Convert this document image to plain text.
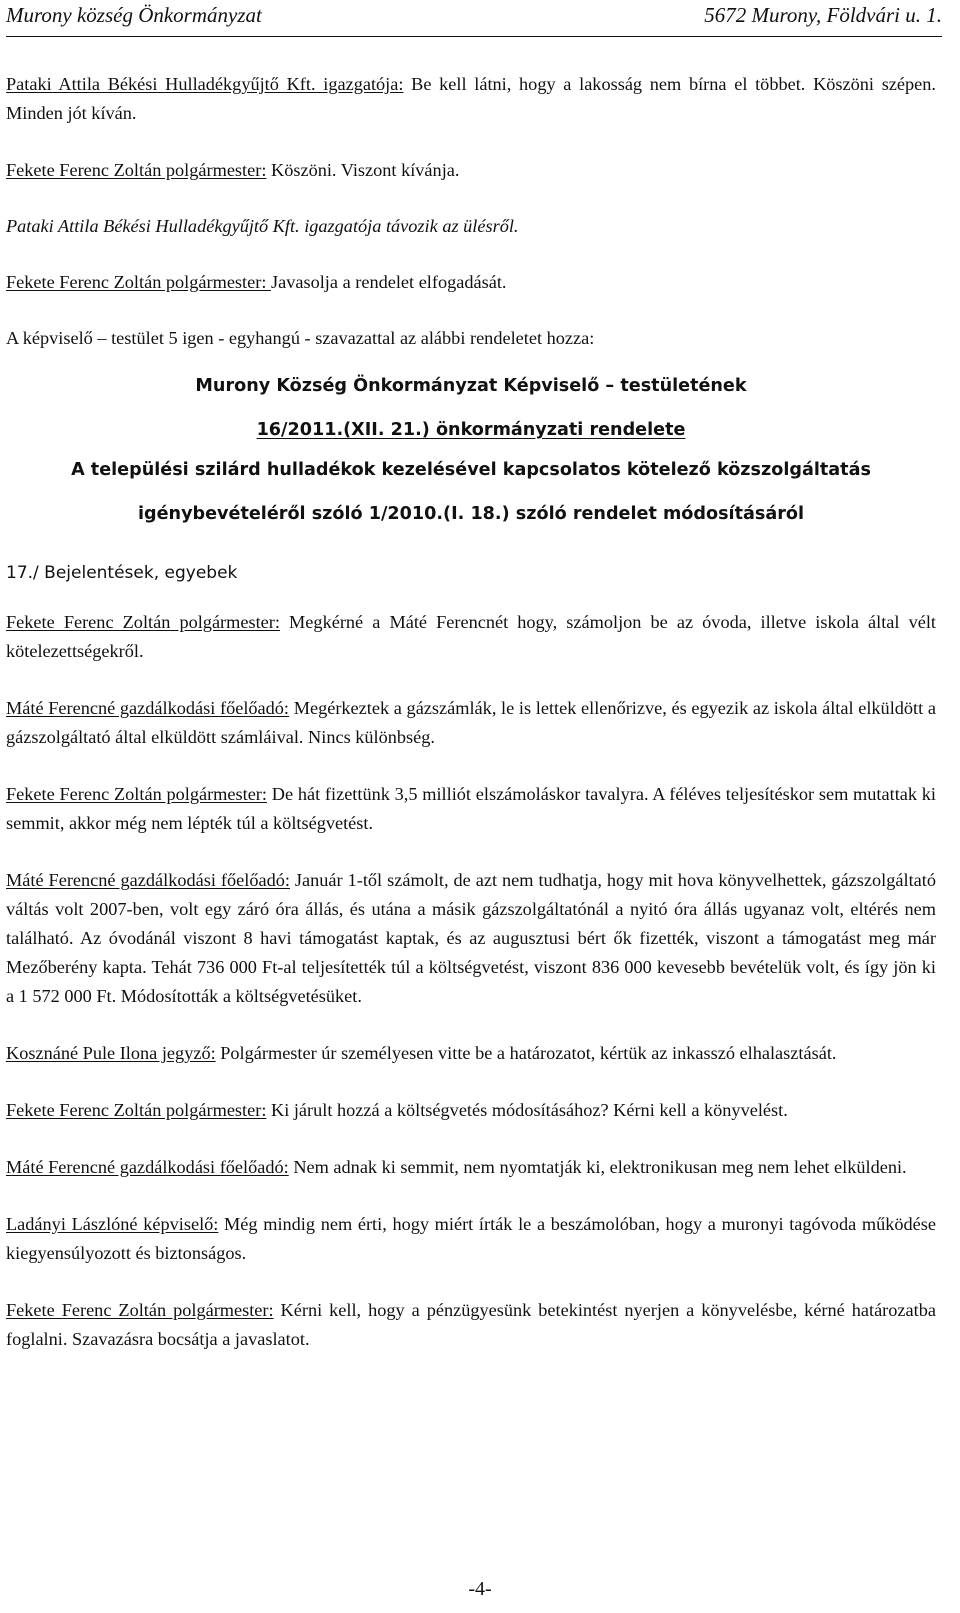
Murony község Önkormányzat	5672 Murony, Földvári u. 1.

Pataki Attila Békési Hulladékgyűjtő Kft. igazgatója: Be kell látni, hogy a lakosság nem bírna el többet. Köszöni szépen. Minden jót kíván.

Fekete Ferenc Zoltán polgármester: Köszöni. Viszont kívánja.

Pataki Attila Békési Hulladékgyűjtő Kft. igazgatója távozik az ülésről.

Fekete Ferenc Zoltán polgármester: Javasolja a rendelet elfogadását.

A képviselő – testület 5 igen - egyhangú - szavazattal az alábbi rendeletet hozza:

Murony Község Önkormányzat Képviselő – testületének
16/2011.(XII. 21.) önkormányzati rendelete
A települési szilárd hulladékok kezelésével kapcsolatos kötelező közszolgáltatás
igénybevételéről szóló 1/2010.(I. 18.) szóló rendelet módosításáról
17./ Bejelentések, egyebek

Fekete Ferenc Zoltán polgármester: Megkérné a Máté Ferencnét hogy, számoljon be az óvoda, illetve iskola által vélt kötelezettségekről.

Máté Ferencné gazdálkodási főelőadó: Megérkeztek a gázszámlák, le is lettek ellenőrizve, és egyezik az iskola által elküldött a gázszolgáltató által elküldött számláival. Nincs különbség.

Fekete Ferenc Zoltán polgármester: De hát fizettünk 3,5 milliót elszámoláskor tavalyra. A féléves teljesítéskor sem mutattak ki semmit, akkor még nem lépték túl a költségvetést.

Máté Ferencné gazdálkodási főelőadó: Január 1-től számolt, de azt nem tudhatja, hogy mit hova könyvelhettek, gázszolgáltató váltás volt 2007-ben, volt egy záró óra állás, és utána a másik gázszolgáltatónál a nyitó óra állás ugyanaz volt, eltérés nem található. Az óvodánál viszont 8 havi támogatást kaptak, és az augusztusi bért ők fizették, viszont a támogatást meg már Mezőberény kapta. Tehát 736 000 Ft-al teljesítették túl a költségvetést, viszont 836 000 kevesebb bevételük volt, és így jön ki a 1 572 000 Ft. Módosították a költségvetésüket.

Kosznáné Pule Ilona jegyző: Polgármester úr személyesen vitte be a határozatot, kértük az inkasszó elhalasztását.

Fekete Ferenc Zoltán polgármester: Ki járult hozzá a költségvetés módosításához? Kérni kell a könyvelést.

Máté Ferencné gazdálkodási főelőadó: Nem adnak ki semmit, nem nyomtatják ki, elektronikusan meg nem lehet elküldeni.

Ladányi Lászlóné képviselő: Még mindig nem érti, hogy miért írták le a beszámolóban, hogy a muronyi tagóvoda működése kiegyensúlyozott és biztonságos.

Fekete Ferenc Zoltán polgármester: Kérni kell, hogy a pénzügyesünk betekintést nyerjen a könyvelésbe, kérné határozatba foglalni. Szavazásra bocsátja a javaslatot.

-4-
